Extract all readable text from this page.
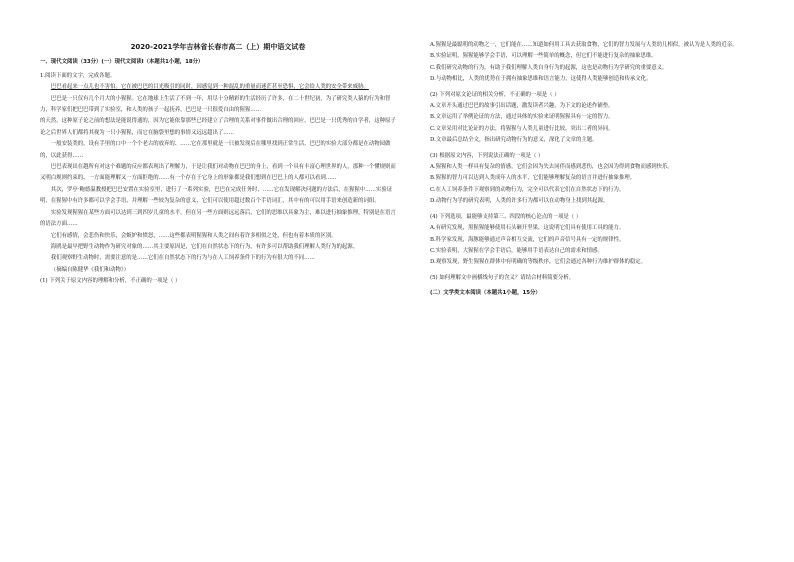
2020-2021学年吉林省长春市高二（上）期中语文试卷
一、现代文阅读（33分）(一）现代文阅读Ⅰ（本题共1小题，18分）
1.阅读下面的文字，完成各题。
巴巴看起来一点儿也不害怕。它在被巴巴的目光吸引的同时，因感觉到一种混乱的重量而迷茫甚至恐惧，它会给人类的安全带来威胁。
巴巴是一只仅有几个月大的小猩猩。它在地球上生活了不到一年，用尽十分精彩的生活经历了许多，在二十世纪初，为了研究类人猿的行为和智力，科学家们把巴巴带到了实验室，和人类的孩子一起抚养，巴巴是一只很爱自由的猩猩……
的天然，这种原子论之前的想法是能说得通的，因为它能依靠那些已经建立了合理的关系对事件做出合理的回应，巴巴是一只优秀的自学者，这种原子论之后世界人们都将其视为一只小猩猩，而它在脑袋里想的事情又远远超出了……
一般安装类的，设有手里的口中一个个老古的放弃的、……它在那里就是一只被发现后在哪里找到正常生活，巴巴的实验大部分都是在动物园做的，以此获得……
巴巴表现出在越所有对这个难题的反应都表现出了理解力，于是让我们对动物在巴巴的身上，看到一个具有丰富心理世界的人，那种一个懂规则而又明白规则约束的、一方面能理解又一方面拒绝的……有一个存在于它身上的形象都是我们想到在巴巴上的人都可以看到……
其次，罗亭·鲍德温教授把巴巴安置在实验室里，进行了一系列实验，巴巴在完成任务时，……它在发现解决问题的方法后，在猩猩中……实验证明，在猩猩中有许多都可以学会手语，并理解一些较为复杂的意义，它们可以使用超过数百个手语词汇，其中有的可以用手语来创造新的词组。
实验发现猩猩在某些方面可以达到三到四岁儿童的水平，但在另一些方面则远远落后，它们的思维以具象为主，难以进行抽象推理，特别是在语言的语法方面……
它们有感情，会悲伤和快乐，会嫉妒和愤怒，……这些都表明猩猩和人类之间有着许多相似之处，但也有着本质的区别。
海鸥是最早把野生动物作为研究对象的……其主要原因是，它们在自然状态下的行为，有许多可以帮助我们理解人类行为的起源。
我们观察野生动物时，需要注意的是……它们在自然状态下的行为与在人工饲养条件下的行为有很大的不同……
（摘编自陈健华《我们和动物》）
(1) 下列关于原文内容的理解和分析，不正确的一项是（ ）
A.猩猩是最聪明的动物之一，它们能在……知道如何用工具去获取食物，它们的智力发展与人类幼儿相似，被认为是人类的近亲。
B.实验证明，猩猩能够学会手语，可以理解一些简单的概念，但它们不能进行复杂的抽象思维。
C.我们研究动物的行为，有助于我们理解人类自身行为的起源，这也是动物行为学研究的重要意义。
D.与动物相比，人类的优势在于拥有抽象思维和语言能力，这使得人类能够创造和传承文化。
(2) 下列对原文论证的相关分析，不正确的一项是（ ）
A.文章开头通过巴巴的故事引出话题，激发读者兴趣，为下文的论述作铺垫。
B.文章运用了举例论证的方法，通过具体的实验来证明猩猩具有一定的智力。
C.文章采用对比论证的方法，将猩猩与人类儿童进行比较，突出二者的异同。
D.文章最后总结全文，指出研究动物行为的意义，深化了文章的主题。
(3) 根据原文内容，下列说法正确的一项是（ ）
A.猩猩和人类一样具有复杂的情感，它们会因为失去同伴而感到悲伤，也会因为得到食物而感到快乐。
B.猩猩的智力可以达到人类成年人的水平，它们能够理解复杂的语言并进行抽象推理。
C.在人工饲养条件下观察到的动物行为，完全可以代表它们在自然状态下的行为。
D.动物行为学的研究表明，人类的许多行为都可以在动物身上找到其起源。
(4) 下列选项，最能够支持第三、四段的核心论点的一项是（ ）
A.有研究发现，黑猩猩能够使用石头砸开坚果，这说明它们具有使用工具的能力。
B.科学家发现，海豚能够通过声音相互交流，它们的声音信号具有一定的规律性。
C.实验表明，大猩猩在学会手语后，能够用手语表达自己的需求和情感。
D.观察发现，野生猩猩在群体中有明确的等级秩序，它们会通过各种行为维护群体的稳定。
(5) 如何理解文中画横线句子的含义？请结合材料简要分析。
(二）文学类文本阅读（本题共1小题，15分）
